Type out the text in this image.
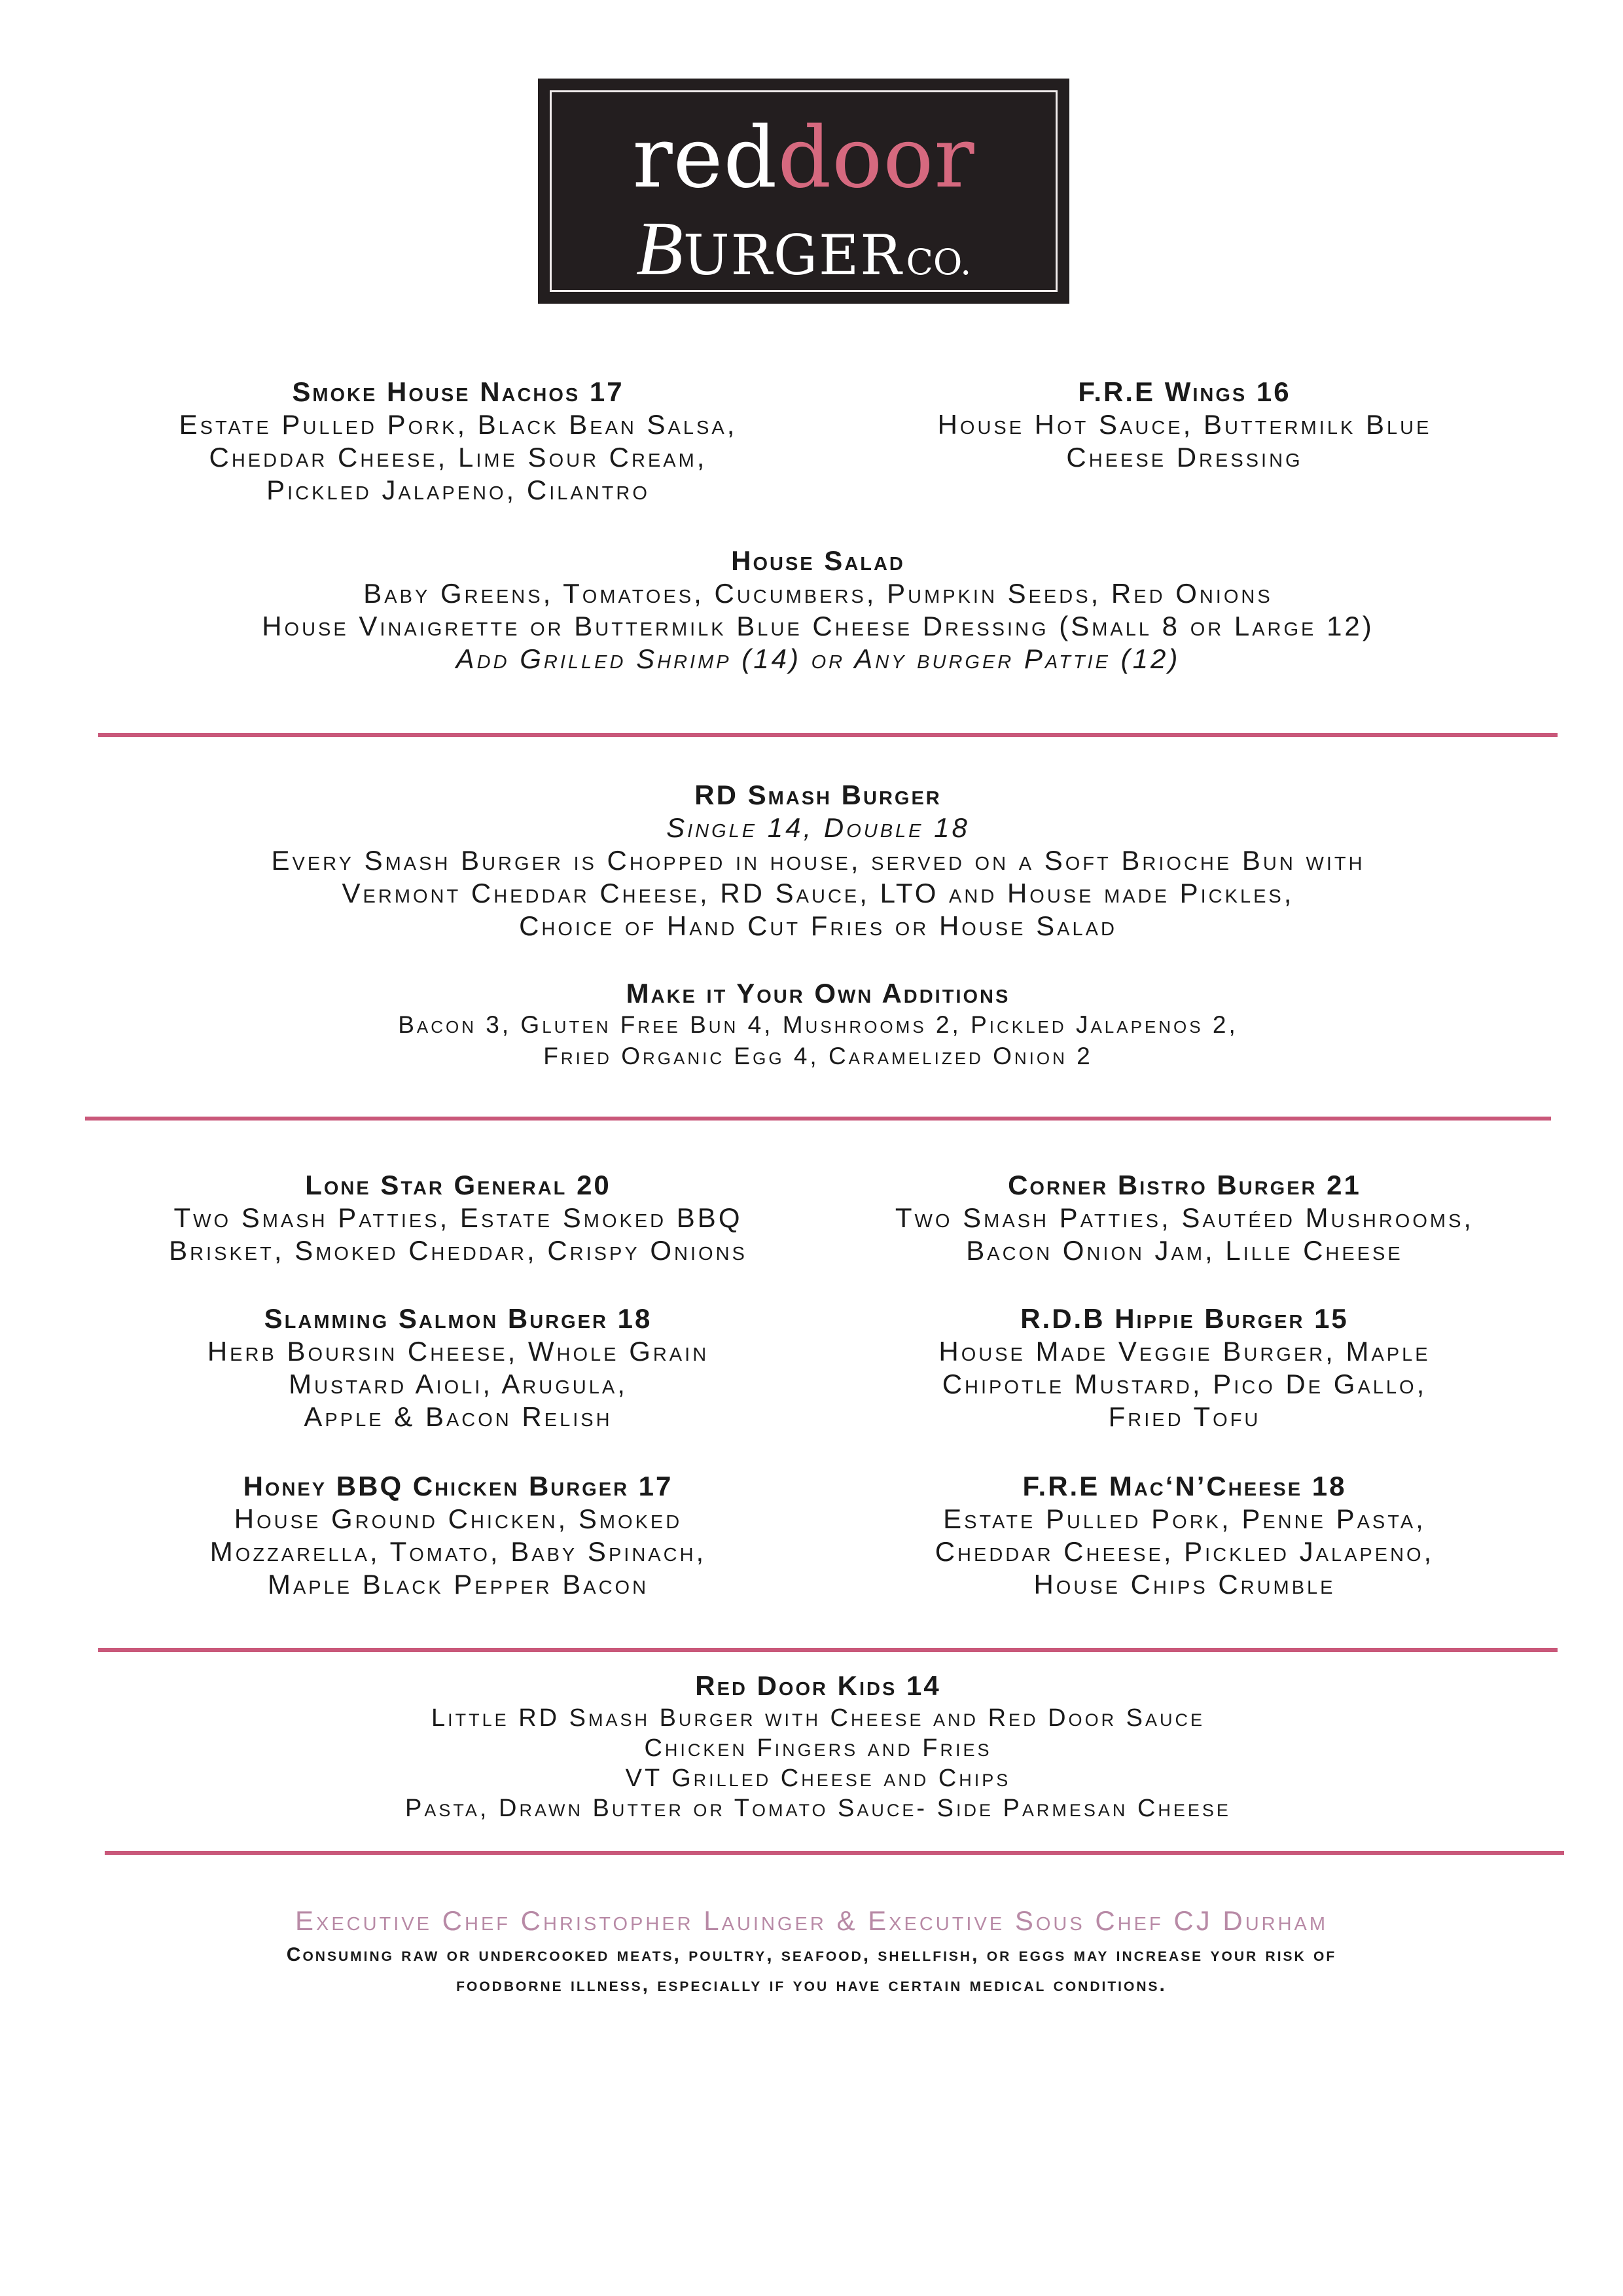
reddoor
BURGER CO.
Smoke House Nachos 17
Estate Pulled Pork, Black Bean Salsa,
Cheddar Cheese, Lime Sour Cream,
Pickled Jalapeno, Cilantro
F.R.E Wings 16
House Hot Sauce, Buttermilk Blue
Cheese Dressing
House Salad
Baby Greens, Tomatoes, Cucumbers, Pumpkin Seeds, Red Onions
House Vinaigrette or Buttermilk Blue Cheese Dressing (Small 8 or Large 12)
Add Grilled Shrimp (14) or Any burger Pattie (12)
RD Smash Burger
Single 14, Double 18
Every Smash Burger is Chopped in house, served on a Soft Brioche Bun with
Vermont Cheddar Cheese, RD Sauce, LTO and House made Pickles,
Choice of Hand Cut Fries or House Salad
Make it Your Own Additions
Bacon 3, Gluten Free Bun 4, Mushrooms 2, Pickled Jalapenos 2,
Fried Organic Egg 4, Caramelized Onion 2
Lone Star General 20
Two Smash Patties, Estate Smoked BBQ
Brisket, Smoked Cheddar, Crispy Onions
Slamming Salmon Burger 18
Herb Boursin Cheese, Whole Grain
Mustard Aioli, Arugula,
Apple & Bacon Relish
Honey BBQ Chicken Burger 17
House Ground Chicken, Smoked
Mozzarella, Tomato, Baby Spinach,
Maple Black Pepper Bacon
Corner Bistro Burger 21
Two Smash Patties, Sautéed Mushrooms,
Bacon Onion Jam, Lille Cheese
R.D.B Hippie Burger 15
House Made Veggie Burger, Maple
Chipotle Mustard, Pico De Gallo,
Fried Tofu
F.R.E Mac‘N’Cheese 18
Estate Pulled Pork, Penne Pasta,
Cheddar Cheese, Pickled Jalapeno,
House Chips Crumble
Red Door Kids 14
Little RD Smash Burger with Cheese and Red Door Sauce
Chicken Fingers and Fries
VT Grilled Cheese and Chips
Pasta, Drawn Butter or Tomato Sauce- Side Parmesan Cheese
Executive Chef Christopher Lauinger & Executive Sous Chef CJ Durham
Consuming raw or undercooked meats, poultry, seafood, shellfish, or eggs may increase your risk of
foodborne illness, especially if you have certain medical conditions.
